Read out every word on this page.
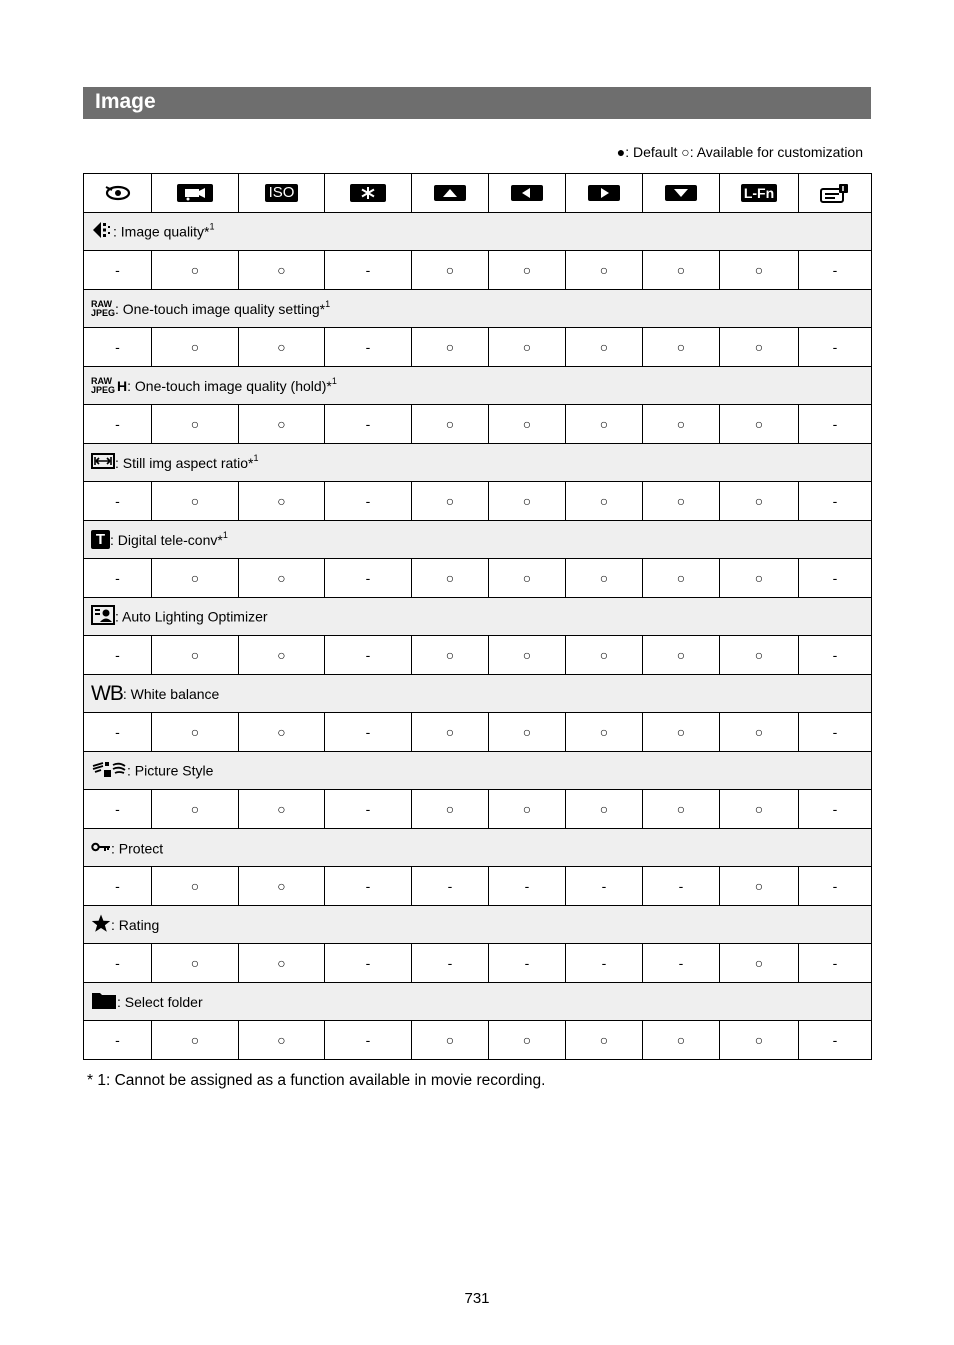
Image
●: Default ○: Available for customization
		ISO						L-Fn	
: Image quality*$^1$
-	○	○	-	○	○	○	○	○	-

RAW
JPEG : One-touch image quality setting*$^1$
-	○	○	-	○	○	○	○	○	-

RAW
JPEG H: One-touch image quality (hold)*$^1$
-	○	○	-	○	○	○	○	○	-
: Still img aspect ratio*$^1$
-	○	○	-	○	○	○	○	○	-
T : Digital tele-conv*$^1$
-	○	○	-	○	○	○	○	○	-
: Auto Lighting Optimizer									
-	○	○	-	○	○	○	○	○	-
WB: White balance									
-	○	○	-	○	○	○	○	○	-
: Picture Style									
-	○	○	-	○	○	○	○	○	-
: Protect									
-	○	○	-	-	-	-	-	○	-
: Rating									
-	○	○	-	-	-	-	-	○	-
: Select folder									
-	○	○	-	○	○	○	○	○	-
* 1: Cannot be assigned as a function available in movie recording.
731
